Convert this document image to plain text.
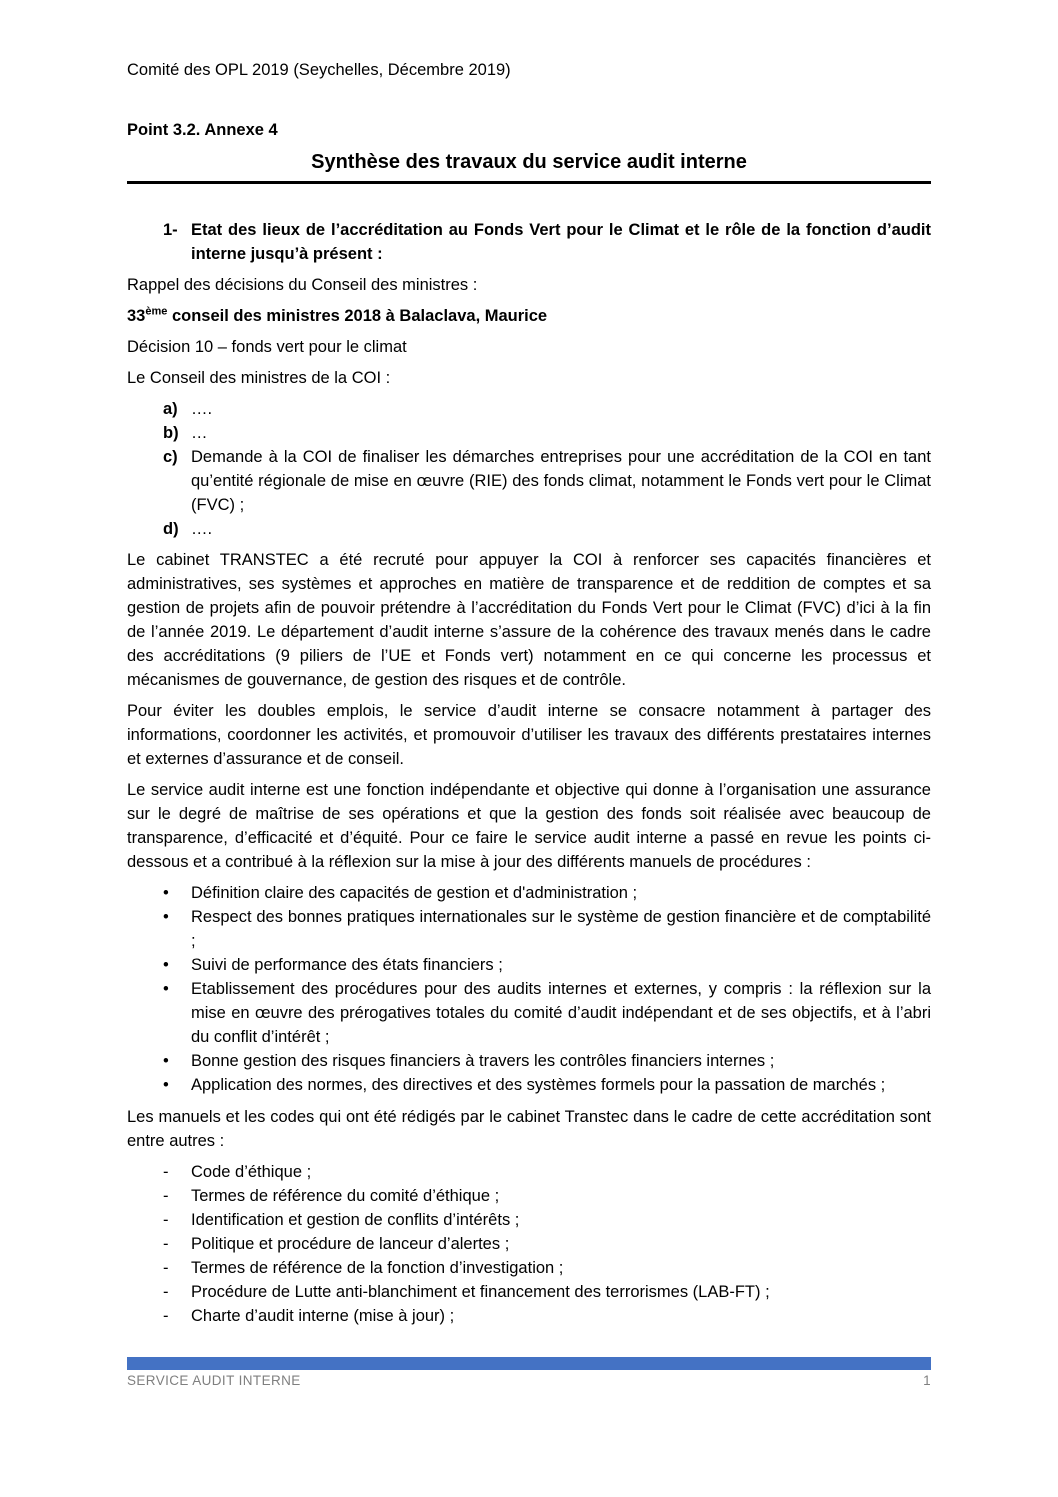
Comité des OPL 2019 (Seychelles, Décembre 2019)
Point 3.2. Annexe 4
Synthèse des travaux du service audit interne
1- Etat des lieux de l’accréditation au Fonds Vert pour le Climat et le rôle de la fonction d’audit interne jusqu’à présent :
Rappel des décisions du Conseil des ministres :
33ème conseil des ministres 2018 à Balaclava, Maurice
Décision 10 – fonds vert pour le climat
Le Conseil des ministres de la COI :
a) ….
b) …
c) Demande à la COI de finaliser les démarches entreprises pour une accréditation de la COI en tant qu’entité régionale de mise en œuvre (RIE) des fonds climat, notamment le Fonds vert pour le Climat (FVC) ;
d) ….
Le cabinet TRANSTEC a été recruté pour appuyer la COI à renforcer ses capacités financières et administratives, ses systèmes et approches en matière de transparence et de reddition de comptes et sa gestion de projets afin de pouvoir prétendre à l’accréditation du Fonds Vert pour le Climat (FVC) d’ici à la fin de l’année 2019. Le département d’audit interne s’assure de la cohérence des travaux menés dans le cadre des accréditations (9 piliers de l’UE et Fonds vert) notamment en ce qui concerne les processus et mécanismes de gouvernance, de gestion des risques et de contrôle.
Pour éviter les doubles emplois, le service d’audit interne se consacre notamment à partager des informations, coordonner les activités, et promouvoir d’utiliser les travaux des différents prestataires internes et externes d’assurance et de conseil.
Le service audit interne est une fonction indépendante et objective qui donne à l’organisation une assurance sur le degré de maîtrise de ses opérations et que la gestion des fonds soit réalisée avec beaucoup de transparence, d’efficacité et d’équité. Pour ce faire le service audit interne a passé en revue les points ci-dessous et a contribué à la réflexion sur la mise à jour des différents manuels de procédures :
•	Définition claire des capacités de gestion et d'administration ;
•	Respect des bonnes pratiques internationales sur le système de gestion financière et de comptabilité ;
•	Suivi de performance des états financiers ;
•	Etablissement des procédures pour des audits internes et externes, y compris : la réflexion sur la mise en œuvre des prérogatives totales du comité d’audit indépendant et de ses objectifs, et à l’abri du conflit d’intérêt ;
•	Bonne gestion des risques financiers à travers les contrôles financiers internes ;
•	Application des normes, des directives et des systèmes formels pour la passation de marchés ;
Les manuels et les codes qui ont été rédigés par le cabinet Transtec dans le cadre de cette accréditation sont entre autres :
-	Code d’éthique ;
-	Termes de référence du comité d’éthique ;
-	Identification et gestion de conflits d’intérêts ;
-	Politique et procédure de lanceur d’alertes ;
-	Termes de référence de la fonction d’investigation ;
-	Procédure de Lutte anti-blanchiment et financement des terrorismes (LAB-FT) ;
-	Charte d’audit interne (mise à jour) ;
SERVICE AUDIT INTERNE	1
